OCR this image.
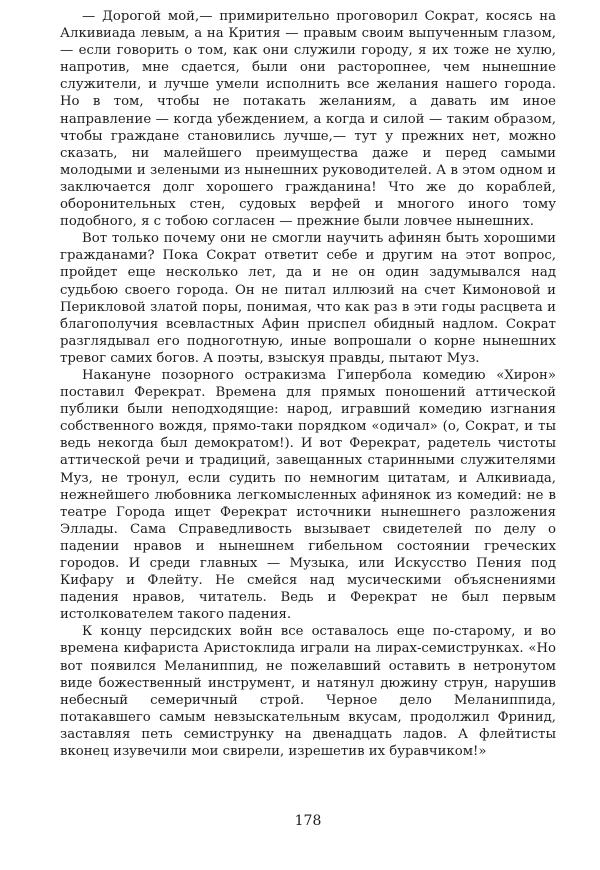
— Дорогой мой,— примирительно проговорил Сократ, косясь на Алкивиада левым, а на Крития — правым своим выпученным глазом,— если говорить о том, как они служили городу, я их тоже не хулю, напротив, мне сдается, были они расторопнее, чем нынешние служители, и лучше умели исполнить все желания нашего города. Но в том, чтобы не потакать желаниям, а давать им иное направление — когда убеждением, а когда и силой — таким образом, чтобы граждане становились лучше,— тут у прежних нет, можно сказать, ни малейшего преимущества даже и перед самыми молодыми и зелеными из нынешних руководителей. А в этом одном и заключается долг хорошего гражданина! Что же до кораблей, оборонительных стен, судовых верфей и многого иного тому подобного, я с тобою согласен — прежние были ловчее нынешних.

Вот только почему они не смогли научить афинян быть хорошими гражданами? Пока Сократ ответит себе и другим на этот вопрос, пройдет еще несколько лет, да и не он один задумывался над судьбою своего города. Он не питал иллюзий на счет Кимоновой и Перикловой златой поры, понимая, что как раз в эти годы расцвета и благополучия всевластных Афин приспел обидный надлом. Сократ разглядывал его подноготную, иные вопрошали о корне нынешних тревог самих богов. А поэты, взыскуя правды, пытают Муз.

Накануне позорного остракизма Гипербола комедию «Хирон» поставил Ферекрат. Времена для прямых поношений аттической публики были неподходящие: народ, игравший комедию изгнания собственного вождя, прямо-таки порядком «одичал» (о, Сократ, и ты ведь некогда был демократом!). И вот Ферекрат, радетель чистоты аттической речи и традиций, завещанных старинными служителями Муз, не тронул, если судить по немногим цитатам, и Алкивиада, нежнейшего любовника легкомысленных афинянок из комедий: не в театре Города ищет Ферекрат источники нынешнего разложения Эллады. Сама Справедливость вызывает свидетелей по делу о падении нравов и нынешнем гибельном состоянии греческих городов. И среди главных — Музыка, или Искусство Пения под Кифару и Флейту. Не смейся над мусическими объяснениями падения нравов, читатель. Ведь и Ферекрат не был первым истолкователем такого падения.

К концу персидских войн все оставалось еще по-старому, и во времена кифариста Аристоклида играли на лирах-семиструнках. «Но вот появился Меланиппид, не пожелавший оставить в нетронутом виде божественный инструмент, и натянул дюжину струн, нарушив небесный семеричный строй. Черное дело Меланиппида, потакавшего самым невзыскательным вкусам, продолжил Фринид, заставляя петь семиструнку на двенадцать ладов. А флейтисты вконец изувечили мои свирели, изрешетив их буравчиком!»

178
